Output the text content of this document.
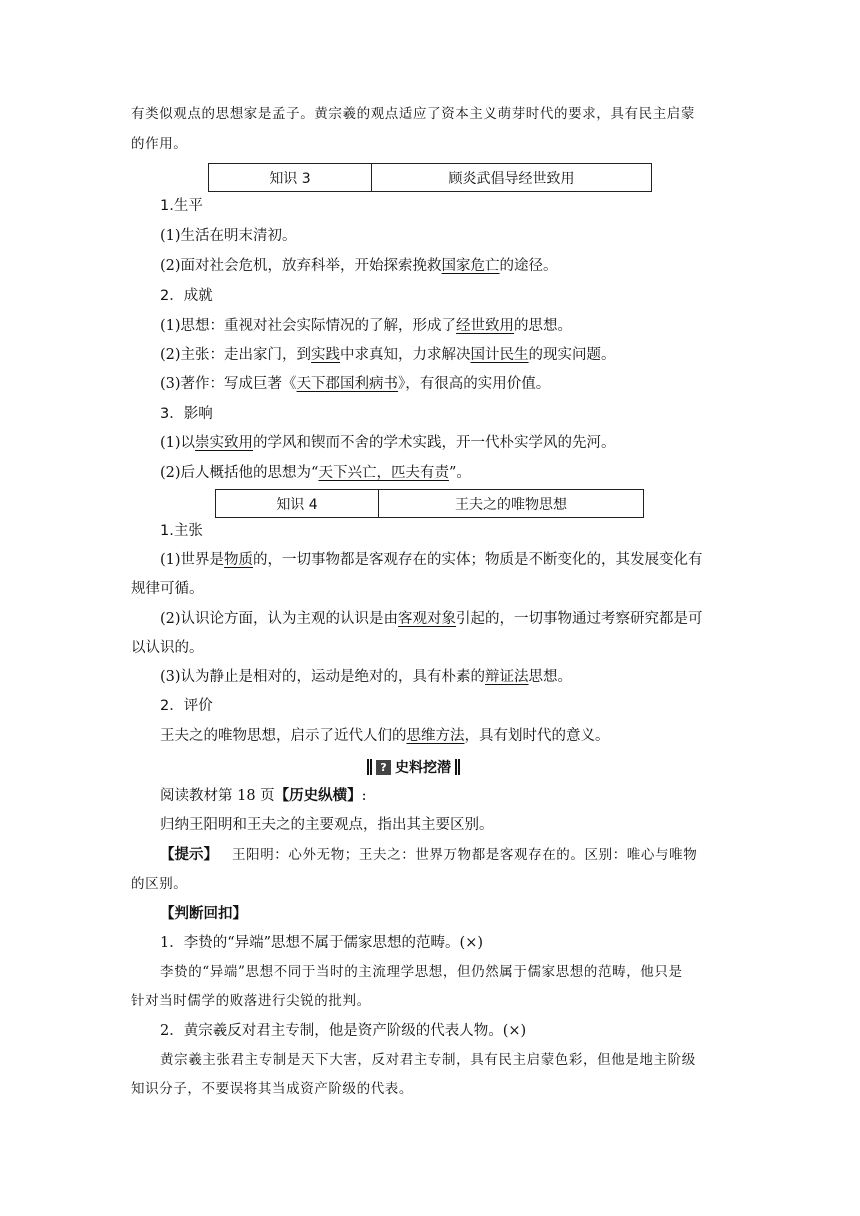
有类似观点的思想家是孟子。黄宗羲的观点适应了资本主义萌芽时代的要求，具有民主启蒙
的作用。
知识 3	顾炎武倡导经世致用
1.生平
(1)生活在明末清初。
(2)面对社会危机，放弃科举，开始探索挽救国家危亡的途径。
2．成就
(1)思想：重视对社会实际情况的了解，形成了经世致用的思想。
(2)主张：走出家门，到实践中求真知，力求解决国计民生的现实问题。
(3)著作：写成巨著《天下郡国利病书》，有很高的实用价值。
3．影响
(1)以崇实致用的学风和锲而不舍的学术实践，开一代朴实学风的先河。
(2)后人概括他的思想为“天下兴亡，匹夫有责”。
知识 4	王夫之的唯物思想
1.主张
(1)世界是物质的，一切事物都是客观存在的实体；物质是不断变化的，其发展变化有
规律可循。
(2)认识论方面，认为主观的认识是由客观对象引起的，一切事物通过考察研究都是可
以认识的。
(3)认为静止是相对的，运动是绝对的，具有朴素的辩证法思想。
2．评价
王夫之的唯物思想，启示了近代人们的思维方法，具有划时代的意义。
? 史料挖潜
阅读教材第 18 页【历史纵横】:
归纳王阳明和王夫之的主要观点，指出其主要区别。
【提示】 王阳明：心外无物；王夫之：世界万物都是客观存在的。区别：唯心与唯物
的区别。
【判断回扣】
1．李贽的“异端”思想不属于儒家思想的范畴。(×)
李贽的“异端”思想不同于当时的主流理学思想，但仍然属于儒家思想的范畴，他只是
针对当时儒学的败落进行尖锐的批判。
2．黄宗羲反对君主专制，他是资产阶级的代表人物。(×)
黄宗羲主张君主专制是天下大害，反对君主专制，具有民主启蒙色彩，但他是地主阶级
知识分子，不要误将其当成资产阶级的代表。
